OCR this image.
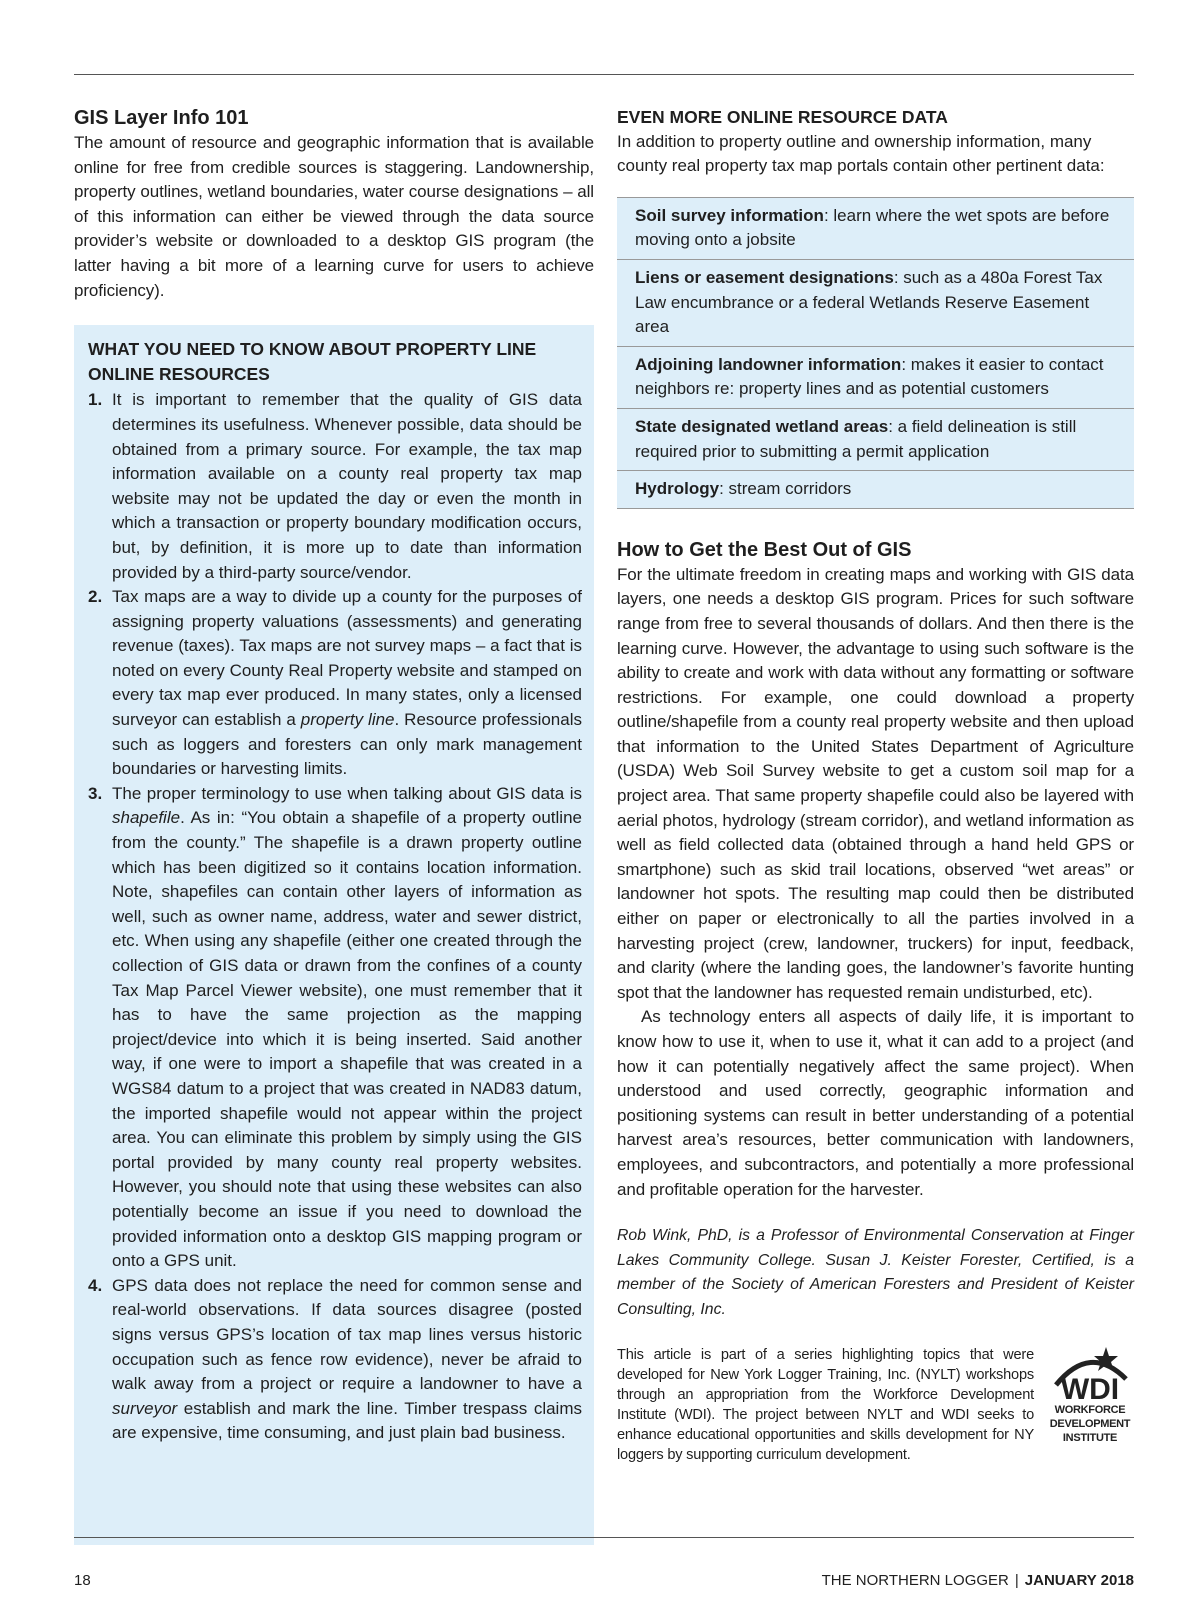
GIS Layer Info 101

The amount of resource and geographic information that is available online for free from credible sources is staggering. Landownership, property outlines, wetland boundaries, water course designations – all of this information can either be viewed through the data source provider’s website or downloaded to a desktop GIS program (the latter having a bit more of a learning curve for users to achieve proficiency).

WHAT YOU NEED TO KNOW ABOUT PROPERTY LINE ONLINE RESOURCES
1. It is important to remember that the quality of GIS data determines its usefulness. Whenever possible, data should be obtained from a primary source. For example, the tax map information available on a county real property tax map website may not be updated the day or even the month in which a transaction or property boundary modification occurs, but, by definition, it is more up to date than information provided by a third-party source/vendor.
2. Tax maps are a way to divide up a county for the purposes of assigning property valuations (assessments) and generating revenue (taxes). Tax maps are not survey maps – a fact that is noted on every County Real Property website and stamped on every tax map ever produced. In many states, only a licensed surveyor can establish a property line. Resource professionals such as loggers and foresters can only mark management boundaries or harvesting limits.
3. The proper terminology to use when talking about GIS data is shapefile. As in: “You obtain a shapefile of a property outline from the county.” The shapefile is a drawn property outline which has been digitized so it contains location information. Note, shapefiles can contain other layers of information as well, such as owner name, address, water and sewer district, etc. When using any shapefile (either one created through the collection of GIS data or drawn from the confines of a county Tax Map Parcel Viewer website), one must remember that it has to have the same projection as the mapping project/device into which it is being inserted. Said another way, if one were to import a shapefile that was created in a WGS84 datum to a project that was created in NAD83 datum, the imported shapefile would not appear within the project area. You can eliminate this problem by simply using the GIS portal provided by many county real property websites. However, you should note that using these websites can also potentially become an issue if you need to download the provided information onto a desktop GIS mapping program or onto a GPS unit.
4. GPS data does not replace the need for common sense and real-world observations. If data sources disagree (posted signs versus GPS’s location of tax map lines versus historic occupation such as fence row evidence), never be afraid to walk away from a project or require a landowner to have a surveyor establish and mark the line. Timber trespass claims are expensive, time consuming, and just plain bad business.
EVEN MORE ONLINE RESOURCE DATA

In addition to property outline and ownership information, many county real property tax map portals contain other pertinent data:

Soil survey information: learn where the wet spots are before moving onto a jobsite
Liens or easement designations: such as a 480a Forest Tax Law encumbrance or a federal Wetlands Reserve Easement area
Adjoining landowner information: makes it easier to contact neighbors re: property lines and as potential customers
State designated wetland areas: a field delineation is still required prior to submitting a permit application
Hydrology: stream corridors
How to Get the Best Out of GIS

For the ultimate freedom in creating maps and working with GIS data layers, one needs a desktop GIS program. Prices for such software range from free to several thousands of dollars. And then there is the learning curve. However, the advantage to using such software is the ability to create and work with data without any formatting or software restrictions. For example, one could download a property outline/shapefile from a county real property website and then upload that information to the United States Department of Agriculture (USDA) Web Soil Survey website to get a custom soil map for a project area. That same property shapefile could also be layered with aerial photos, hydrology (stream corridor), and wetland information as well as field collected data (obtained through a hand held GPS or smartphone) such as skid trail locations, observed “wet areas” or landowner hot spots. The resulting map could then be distributed either on paper or electronically to all the parties involved in a harvesting project (crew, landowner, truckers) for input, feedback, and clarity (where the landing goes, the landowner’s favorite hunting spot that the landowner has requested remain undisturbed, etc).

As technology enters all aspects of daily life, it is important to know how to use it, when to use it, what it can add to a project (and how it can potentially negatively affect the same project). When understood and used correctly, geographic information and positioning systems can result in better understanding of a potential harvest area’s resources, better communication with landowners, employees, and subcontractors, and potentially a more professional and profitable operation for the harvester.

Rob Wink, PhD, is a Professor of Environmental Conservation at Finger Lakes Community College. Susan J. Keister Forester, Certified, is a member of the Society of American Foresters and President of Keister Consulting, Inc.

This article is part of a series highlighting topics that were developed for New York Logger Training, Inc. (NYLT) workshops through an appropriation from the Workforce Development Institute (WDI). The project between NYLT and WDI seeks to enhance educational opportunities and skills development for NY loggers by supporting curriculum development.

WDI
WORKFORCE
DEVELOPMENT
INSTITUTE
18	THE NORTHERN LOGGER | JANUARY 2018
